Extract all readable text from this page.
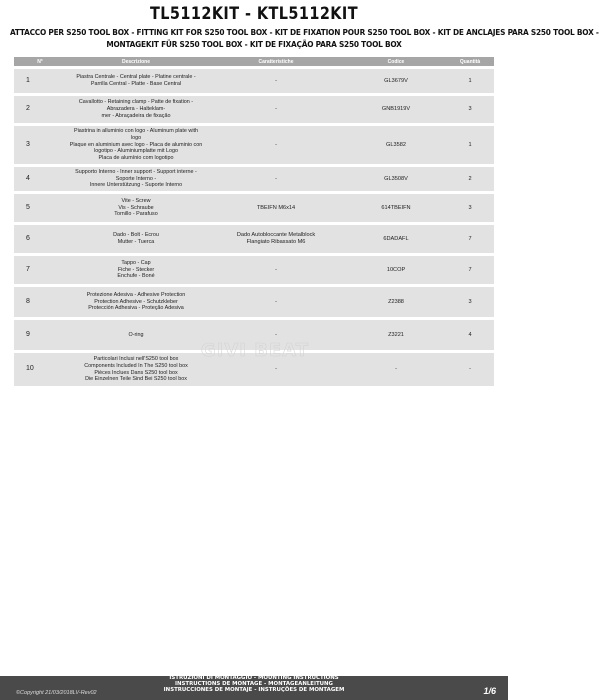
TL5112KIT - KTL5112KIT
ATTACCO PER S250 TOOL BOX - FITTING KIT FOR S250 TOOL BOX - KIT DE FIXATION POUR S250 TOOL BOX - KIT DE ANCLAJES PARA S250 TOOL BOX -
MONTAGEKIT FÜR S250 TOOL BOX - KIT DE FIXAÇÃO PARA S250 TOOL BOX
N°	Descrizione	Caratteristiche	Codice	Quantità
1	Piastra Centrale - Central plate - Platine centrale -
Parrilla Central - Platte - Base Central	-	GL3679V	1
2	Cavallotto - Retaining clamp - Patte de fixation - Abrazadera - Halteklam-
mer - Abraçadeira de fixação	-	GNB1919V	3
3	Piastrina in alluminio con logo - Aluminum plate with logo
Plaque en aluminium avec logo - Placa de aluminio con
logotipo - Aluminiumplatte mit Logo
Placa de alumínio com logotipo	-	GL3582	1
4	Supporto Interno - Inner support - Support interne - Soporte Interno -
Innere Unterstützung - Suporte Interno	-	GL3508V	2
5	Vite - Screw
Vis - Schraube
Tornillo - Parafuso	TBEIFN M6x14	614TBEIFN	3
6	Dado - Bolt - Ecrou
Mutter - Tuerca	Dado Autobloccante Metalblock
Flangiato Ribassato M6	6DADAFL	7
7	Tappo - Cap
Fiche - Stecker
Enchufe - Boné	-	10COP	7
8	Protezione Adesiva - Adhesive Protection
Protection Adhesive - Schutzkleber
Protección Adhesiva - Proteção Adesiva	-	Z2388	3
9	O-ring	-	Z3221	4
10	Particolari Inclusi nell'S250 tool box
Components Included In The S250 tool box
Pièces Inclues Dans S250 tool box
Die Einzelnen Teile Sind Bei S250 tool box	-	-	-
GIVI BEAT
ISTRUZIONI DI MONTAGGIO - MOUNTING INSTRUCTIONS
INSTRUCTIONS DE MONTAGE - MONTAGEANLEITUNG
INSTRUCCIONES DE MONTAJE - INSTRUÇÕES DE MONTAGEM
©Copyright 21/03/2018LV-Rev02	1/6
